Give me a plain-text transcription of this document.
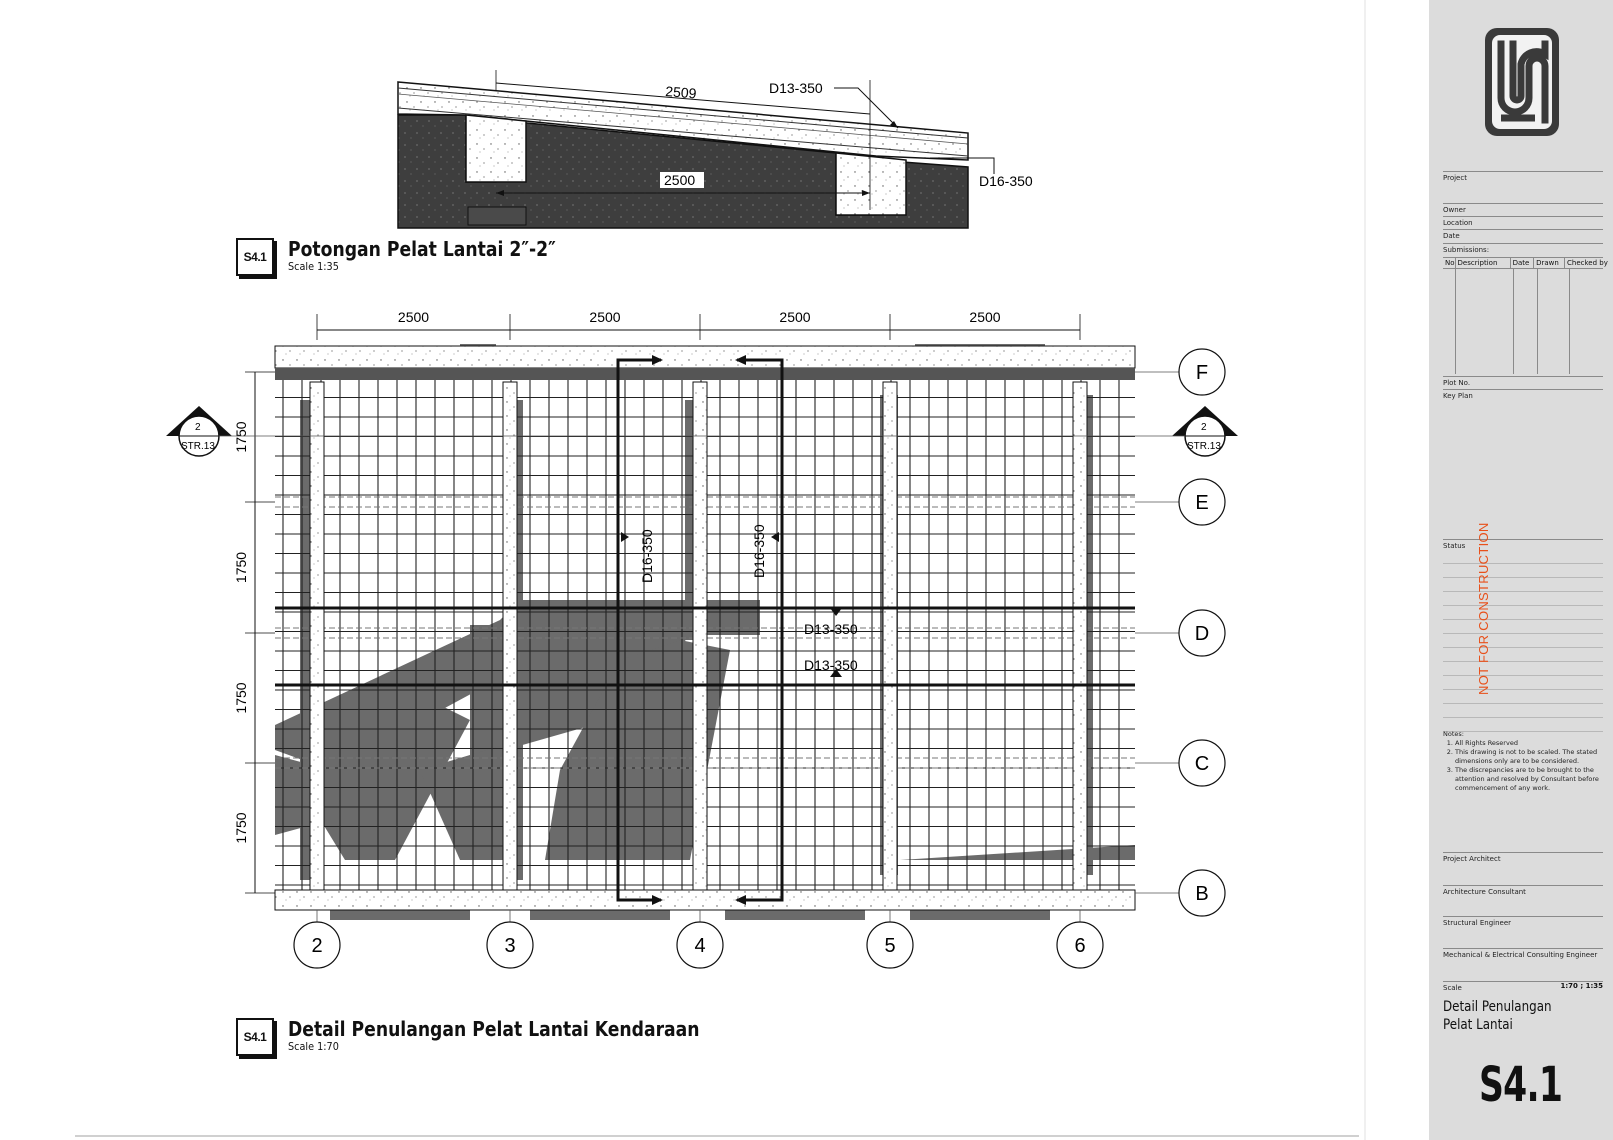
2509
2500
D13-350
D16-350
S4.1	Potongan Pelat Lantai 2″-2″
Scale 1:35
2500	2500	2500	2500
1750
1750
1750
1750
2	3	4	5	6
F
E
D
C
B
2
STR.13
2
STR.13
D16-350	D16-350
D13-350
D13-350
S4.1	Detail Penulangan Pelat Lantai Kendaraan
Scale 1:70
Project
Owner
Location
Date
Submissions:
No Description	Date Drawn	Checked by
Plot No.
Key Plan
Status
Notes:
1. All Rights Reserved
2. This drawing is not to be scaled. The stated dimensions only are to be considered.
3. The discrepancies are to be brought to the attention and resolved by Consultant before commencement of any work.
Project Architect
Architecture Consultant
Structural Engineer
Mechanical & Electrical Consulting Engineer
Scale	1:70 ; 1:35
Detail Penulangan
Pelat Lantai
S4.1
NOT FOR CONSTRUCTION
